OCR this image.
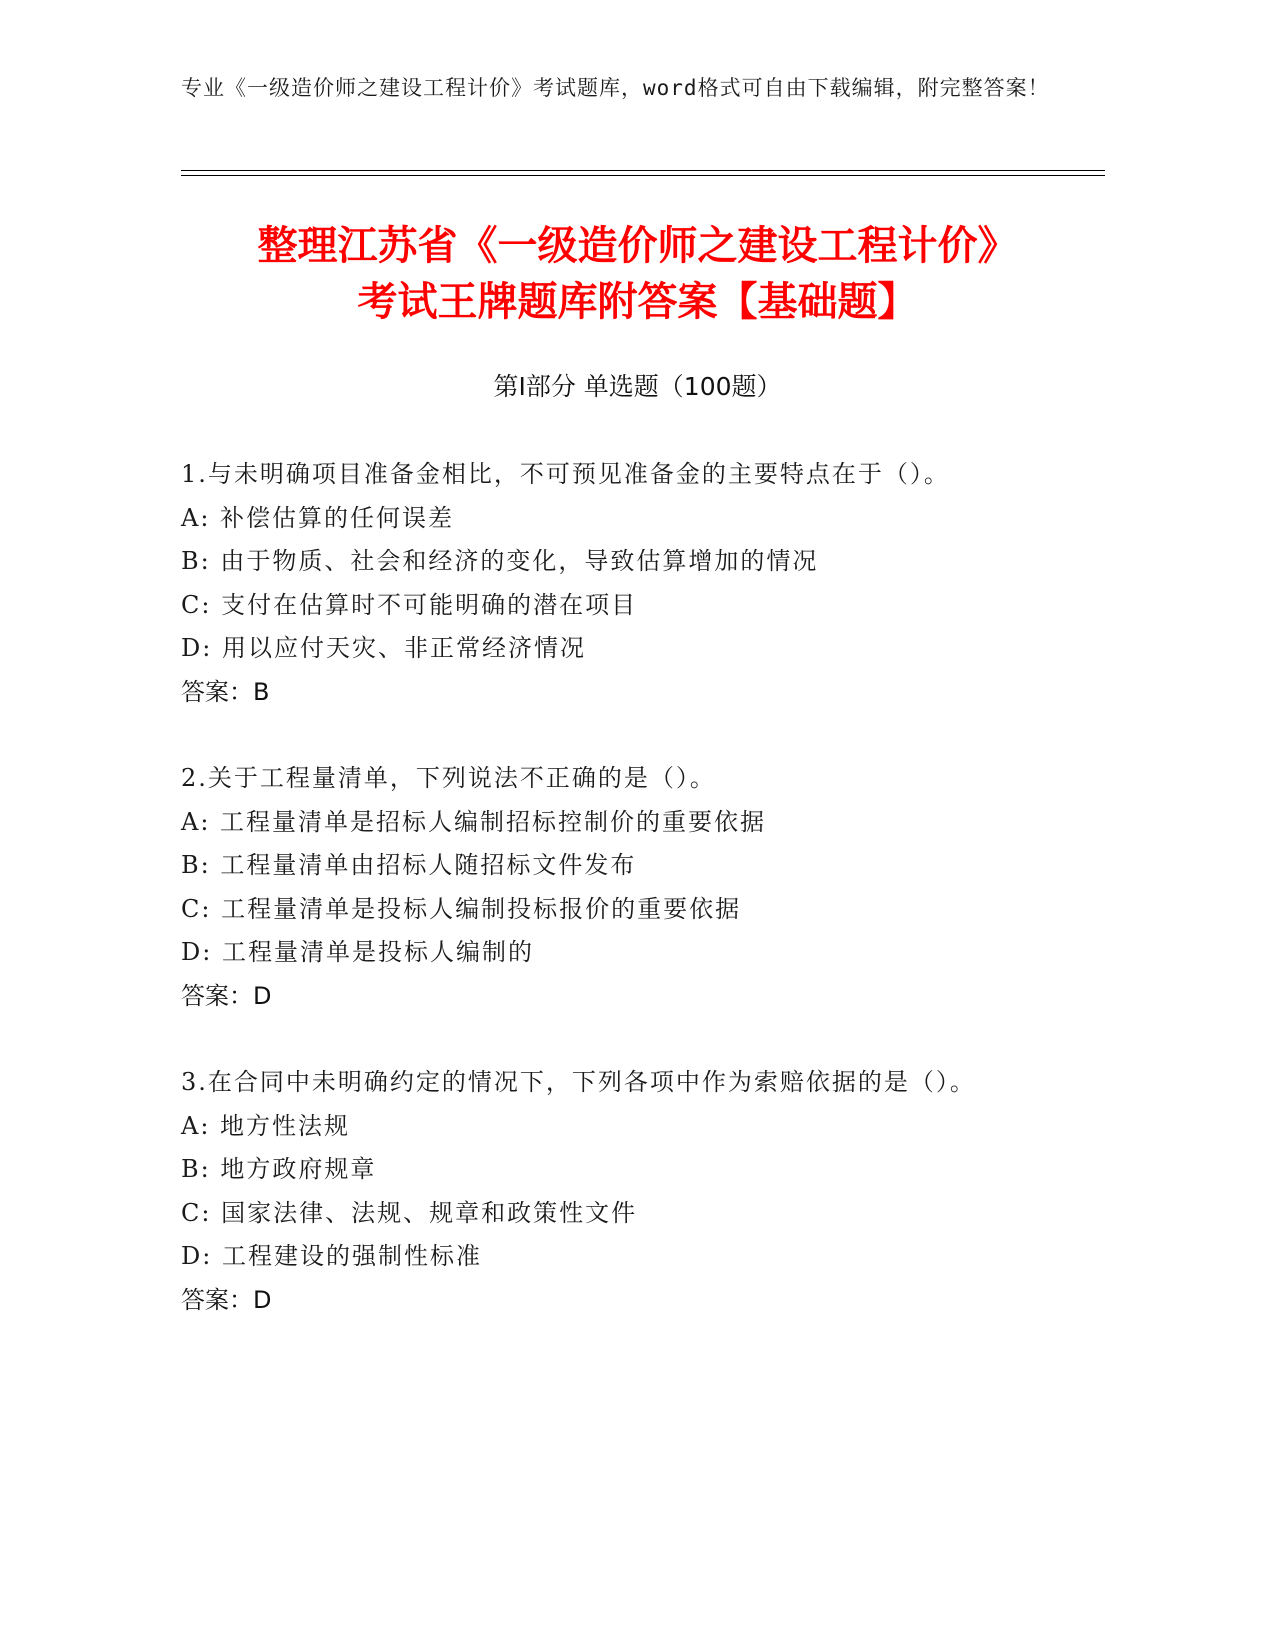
专业《一级造价师之建设工程计价》考试题库，word格式可自由下载编辑，附完整答案！
整理江苏省《一级造价师之建设工程计价》
考试王牌题库附答案【基础题】
第Ⅰ部分 单选题（100题）
1.与未明确项目准备金相比，不可预见准备金的主要特点在于（）。
A: 补偿估算的任何误差
B: 由于物质、社会和经济的变化，导致估算增加的情况
C: 支付在估算时不可能明确的潜在项目
D: 用以应付天灾、非正常经济情况
答案：B
2.关于工程量清单，下列说法不正确的是（）。
A: 工程量清单是招标人编制招标控制价的重要依据
B: 工程量清单由招标人随招标文件发布
C: 工程量清单是投标人编制投标报价的重要依据
D: 工程量清单是投标人编制的
答案：D
3.在合同中未明确约定的情况下，下列各项中作为索赔依据的是（）。
A: 地方性法规
B: 地方政府规章
C: 国家法律、法规、规章和政策性文件
D: 工程建设的强制性标准
答案：D
